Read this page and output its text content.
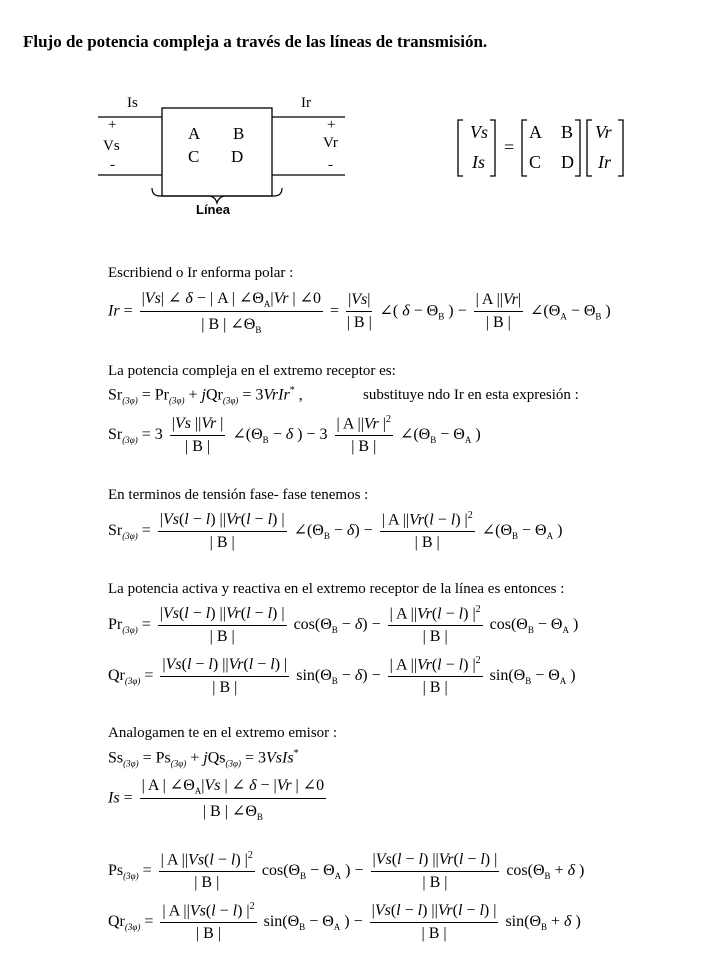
Flujo de potencia compleja a través de las líneas de transmisión.
Is	Ir
+
Vs
-
+
Vr
-
A B
C D
Línea
Vs
Is
=
A B
C D
Vr
Ir
Escribiend o Ir enforma polar :
$Ir = \frac{|Vs| \angle \delta - | A | \angle\Theta_A|Vr | \angle 0}{| B | \angle\Theta_B} = \frac{|Vs|}{| B |}$ ∠( $\delta - \Theta_B$ ) − $\frac{| A ||Vr|}{| B |}$ $\angle(\Theta_A - \Theta_B$ )
La potencia compleja en el extremo receptor es:
$Sr_{(3\varphi)} = Pr_{(3\varphi)} + jQr_{(3\varphi)}$ = 3VrIr* ,	substituye ndo Ir en esta expresión :
$Sr_{(3\varphi)} = 3 \frac{|Vs ||Vr |}{| B |}$ $\angle(\Theta_B - \delta$ ) − $3 \frac{| A ||Vr |^2}{| B |}$ $\angle(\Theta_B - \Theta_A$ )
En terminos de tensión fase- fase tenemos :
$Sr_{(3\varphi)} = \frac{|Vs(l - l) ||Vr(l - l) |}{| B |}$ $\angle(\Theta_B - \delta) - \frac{| A ||Vr(l - l) |^2}{| B |}$ $\angle(\Theta_B - \Theta_A$ )
La potencia activa y reactiva en el extremo receptor de la línea es entonces :
$Pr_{(3\varphi)} = \frac{|Vs(l - l) ||Vr(l - l) |}{| B |} \cos(\Theta_B - \delta) - \frac{| A ||Vr(l - l) |^2}{| B |} \cos(\Theta_B - \Theta_A$ )
$Qr_{(3\varphi)} = \frac{|Vs(l - l) ||Vr(l - l) |}{| B |} \sin(\Theta_B - \delta) - \frac{| A ||Vr(l - l) |^2}{| B |} \sin(\Theta_B - \Theta_A$ )
Analogamen te en el extremo emisor :
$Ss_{(3\varphi)} = Ps_{(3\varphi)} + jQs_{(3\varphi)}$ = 3VsIs*
$Is = \frac{| A | \angle\Theta_A|Vs | \angle \delta - |Vr | \angle 0}{| B | \angle\Theta_B}$
$Ps_{(3\varphi)} = \frac{| A ||Vs(l - l) |^2}{| B |} \cos(\Theta_B - \Theta_A$ ) − $\frac{|Vs(l - l) ||Vr(l - l) |}{| B |} \cos(\Theta_B + \delta$ )
$Qr_{(3\varphi)} = \frac{| A ||Vs(l - l) |^2}{| B |} \sin(\Theta_B - \Theta_A$ ) − $\frac{|Vs(l - l) ||Vr(l - l) |}{| B |} \sin(\Theta_B + \delta$ )
